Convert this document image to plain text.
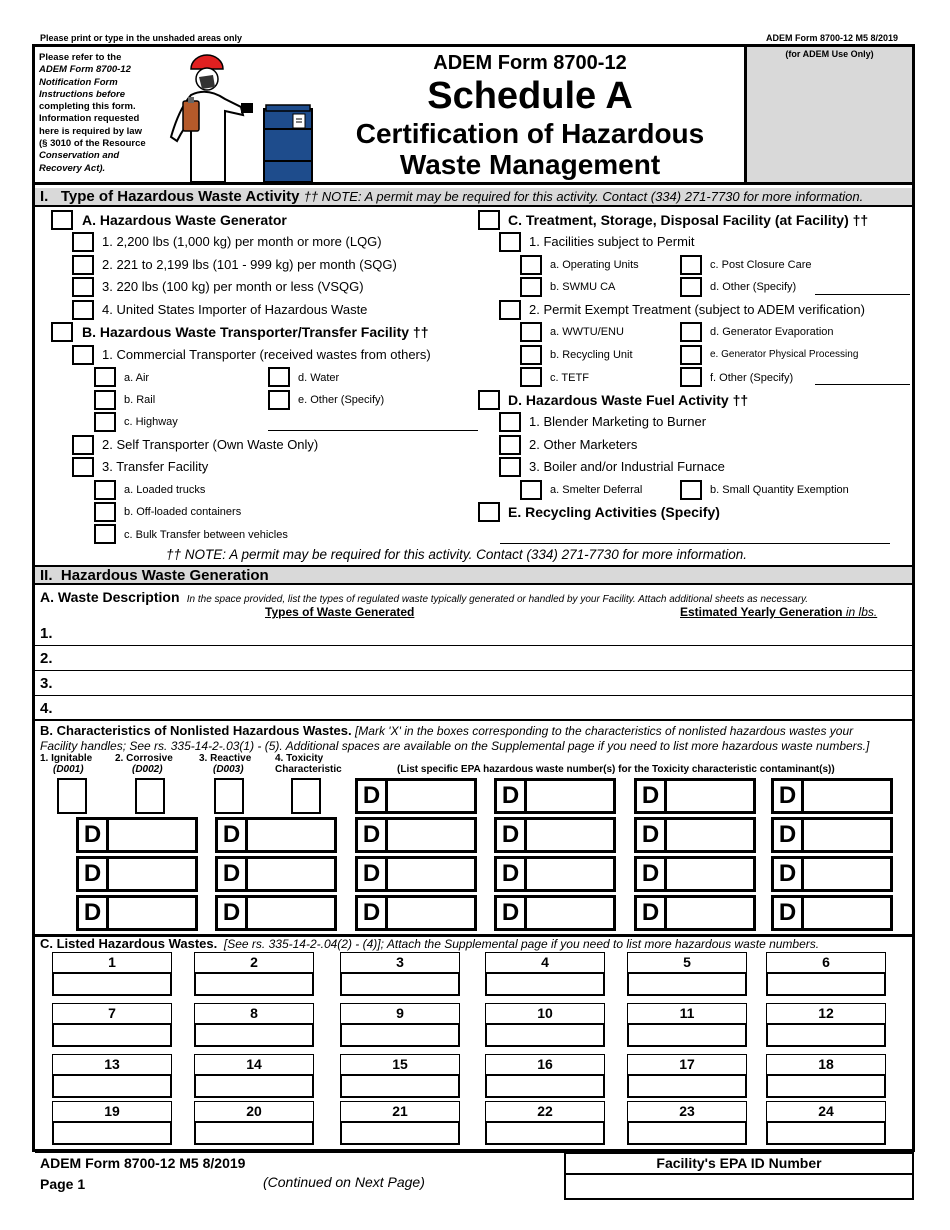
Please print or type in the unshaded areas only	ADEM Form 8700-12 M5 8/2019
Please refer to the
ADEM Form 8700-12
Notification Form
Instructions before
completing this form.
Information requested
here is required by law
(§ 3010 of the Resource
Conservation and
Recovery Act).
ADEM Form 8700-12
Schedule A
Certification of Hazardous
Waste Management
(for ADEM Use Only)
I. Type of Hazardous Waste Activity †† NOTE: A permit may be required for this activity. Contact (334) 271-7730 for more information.
A. Hazardous Waste Generator
1. 2,200 lbs (1,000 kg) per month or more (LQG)
2. 221 to 2,199 lbs (101 - 999 kg) per month (SQG)
3. 220 lbs (100 kg) per month or less (VSQG)
4. United States Importer of Hazardous Waste
B. Hazardous Waste Transporter/Transfer Facility ††
1. Commercial Transporter (received wastes from others)
a. Air
b. Rail
c. Highway
d. Water
e. Other (Specify)
2. Self Transporter (Own Waste Only)
3. Transfer Facility
a. Loaded trucks
b. Off-loaded containers
c. Bulk Transfer between vehicles
C. Treatment, Storage, Disposal Facility (at Facility) ††
1. Facilities subject to Permit
a. Operating Units
b. SWMU CA
c. Post Closure Care
d. Other (Specify)
2. Permit Exempt Treatment (subject to ADEM verification)
a. WWTU/ENU
b. Recycling Unit
c. TETF
d. Generator Evaporation
e. Generator Physical Processing
f. Other (Specify)
D. Hazardous Waste Fuel Activity ††
1. Blender Marketing to Burner
2. Other Marketers
3. Boiler and/or Industrial Furnace
a. Smelter Deferral	b. Small Quantity Exemption
E. Recycling Activities (Specify)
†† NOTE: A permit may be required for this activity. Contact (334) 271-7730 for more information.
II. Hazardous Waste Generation
A. Waste Description In the space provided, list the types of regulated waste typically generated or handled by your Facility. Attach additional sheets as necessary.
Types of Waste Generated	Estimated Yearly Generation in lbs.
1.
2.
3.
4.
B. Characteristics of Nonlisted Hazardous Wastes. [Mark 'X' in the boxes corresponding to the characteristics of nonlisted hazardous wastes your
Facility handles; See rs. 335-14-2-.03(1) - (5). Additional spaces are available on the Supplemental page if you need to list more hazardous waste numbers.]
1. Ignitable
(D001)
2. Corrosive
(D002)
3. Reactive
(D003)
4. Toxicity
Characteristic	(List specific EPA hazardous waste number(s) for the Toxicity characteristic contaminant(s))
D	D	D	D
D	D	D	D	D	D
D	D	D	D	D	D
D	D	D	D	D	D
C. Listed Hazardous Wastes. [See rs. 335-14-2-.04(2) - (4)]; Attach the Supplemental page if you need to list more hazardous waste numbers.
1	2	3	4	5	6
7	8	9	10	11	12
13	14	15	16	17	18
19	20	21	22	23	24
ADEM Form 8700-12 M5 8/2019
Page 1	(Continued on Next Page)
Facility's EPA ID Number
